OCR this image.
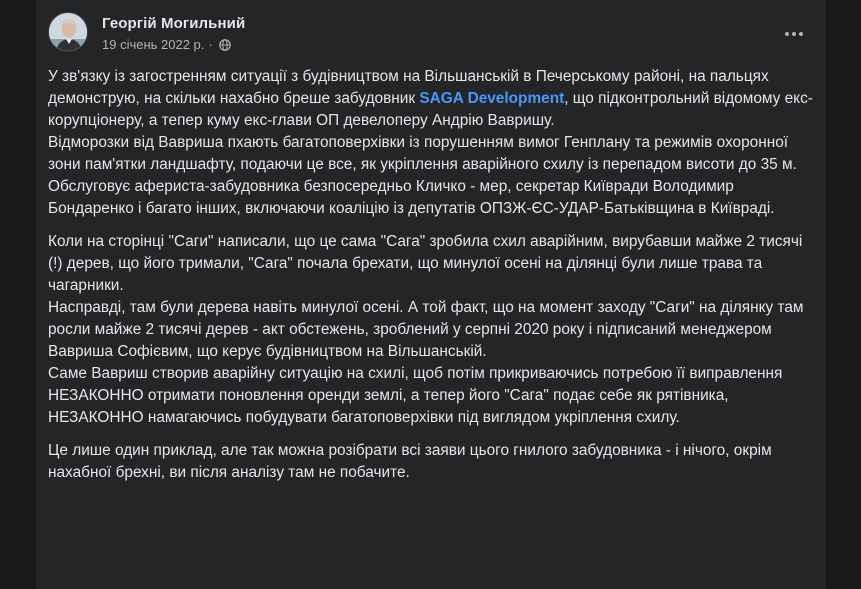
Георгій Могильний
19 січень 2022 р. ·

У зв'язку із загостренням ситуації з будівництвом на Вільшанській в Печерському районі, на пальцях демонструю, на скільки нахабно бреше забудовник SAGA Development, що підконтрольний відомому екс-корупціонеру, а тепер куму екс-глави ОП девелоперу Андрію Вавришу.

Відморозки від Вавриша пхають багатоповерхівки із порушенням вимог Генплану та режимів охоронної зони пам'ятки ландшафту, подаючи це все, як укріплення аварійного схилу із перепадом висоти до 35 м.

Обслуговує афериста-забудовника безпосередньо Кличко - мер, секретар Київради Володимир Бондаренко і багато інших, включаючи коаліцію із депутатів ОПЗЖ-ЄС-УДАР-Батьківщина в Київраді.

Коли на сторінці "Саги" написали, що це сама "Сага" зробила схил аварійним, вирубавши майже 2 тисячі (!) дерев, що його тримали, "Сага" почала брехати, що минулої осені на ділянці були лише трава та чагарники.

Насправді, там були дерева навіть минулої осені. А той факт, що на момент заходу "Саги" на ділянку там росли майже 2 тисячі дерев - акт обстежень, зроблений у серпні 2020 року і підписаний менеджером Вавриша Софієвим, що керує будівництвом на Вільшанській.

Саме Вавриш створив аварійну ситуацію на схилі, щоб потім прикриваючись потребою її виправлення НЕЗАКОННО отримати поновлення оренди землі, а тепер його "Сага" подає себе як рятівника, НЕЗАКОННО намагаючись побудувати багатоповерхівки під виглядом укріплення схилу.

Це лише один приклад, але так можна розібрати всі заяви цього гнилого забудовника - і нічого, окрім нахабної брехні, ви після аналізу там не побачите.
